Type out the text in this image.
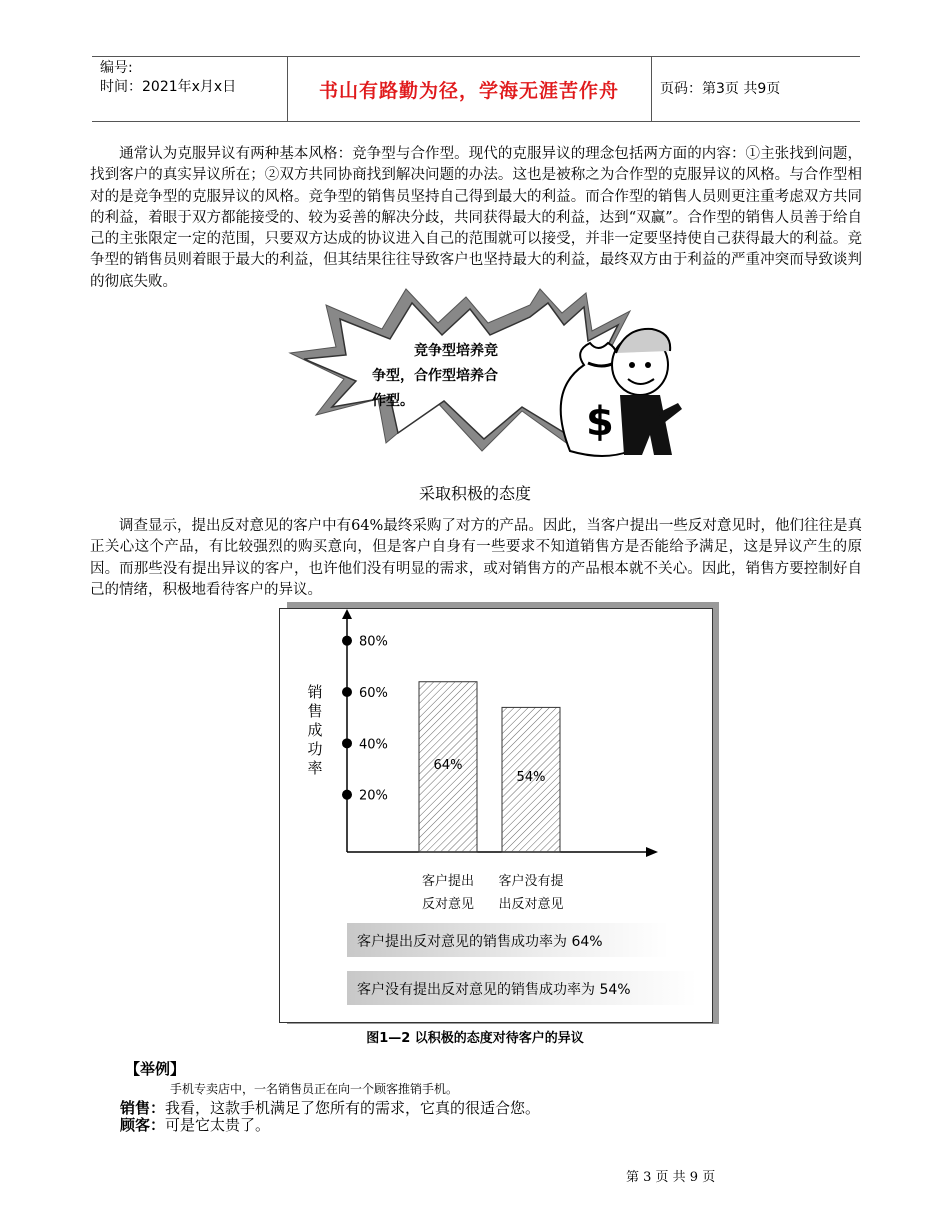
编号:
时间：2021年x月x日	书山有路勤为径，学海无涯苦作舟	页码：第3页 共9页
通常认为克服异议有两种基本风格：竞争型与合作型。现代的克服异议的理念包括两方面的内容：①主张找到问题，找到客户的真实异议所在；②双方共同协商找到解决问题的办法。这也是被称之为合作型的克服异议的风格。与合作型相对的是竞争型的克服异议的风格。竞争型的销售员坚持自己得到最大的利益。而合作型的销售人员则更注重考虑双方共同的利益，着眼于双方都能接受的、较为妥善的解决分歧，共同获得最大的利益，达到“双赢”。合作型的销售人员善于给自己的主张限定一定的范围，只要双方达成的协议进入自己的范围就可以接受，并非一定要坚持使自己获得最大的利益。竞争型的销售员则着眼于最大的利益，但其结果往往导致客户也坚持最大的利益，最终双方由于利益的严重冲突而导致谈判的彻底失败。
竞争型培养竞
争型，合作型培养合
作型。	$
采取积极的态度
调查显示，提出反对意见的客户中有64%最终采购了对方的产品。因此，当客户提出一些反对意见时，他们往往是真正关心这个产品，有比较强烈的购买意向，但是客户自身有一些要求不知道销售方是否能给予满足，这是异议产生的原因。而那些没有提出异议的客户，也许他们没有明显的需求，或对销售方的产品根本就不关心。因此，销售方要控制好自己的情绪，积极地看待客户的异议。
销
售
成
功
率
20%
40%
60%
80%
64%
54%
客户提出
反对意见
客户没有提
出反对意见
客户提出反对意见的销售成功率为 64%
客户没有提出反对意见的销售成功率为 54%
图1—2 以积极的态度对待客户的异议
【举例】
手机专卖店中，一名销售员正在向一个顾客推销手机。
销售：我看，这款手机满足了您所有的需求，它真的很适合您。
顾客：可是它太贵了。
第 3 页 共 9 页
